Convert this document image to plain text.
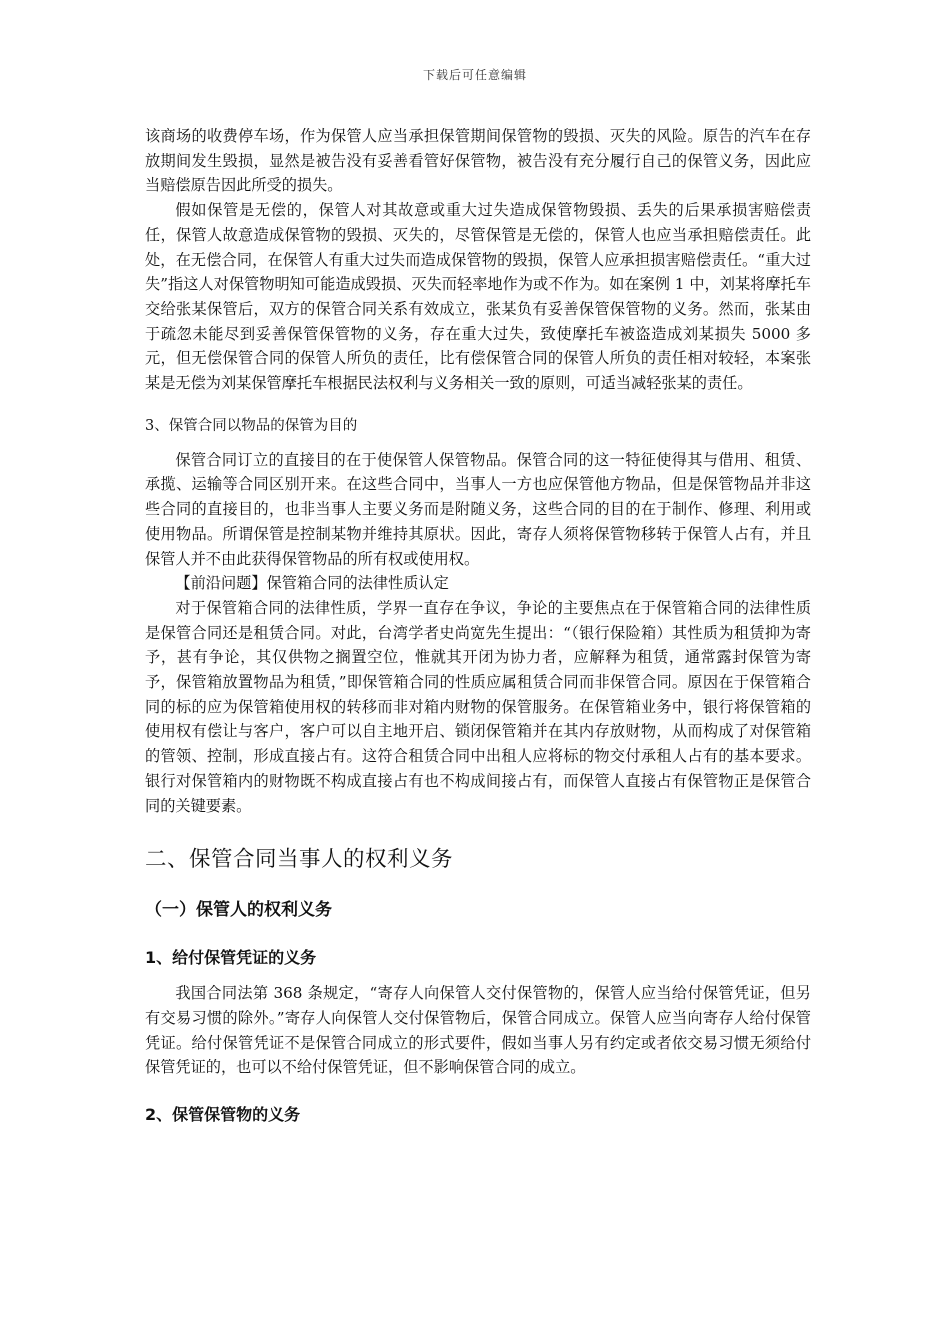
下载后可任意编辑

该商场的收费停车场，作为保管人应当承担保管期间保管物的毁损、灭失的风险。原告的汽车在存放期间发生毁损，显然是被告没有妥善看管好保管物，被告没有充分履行自己的保管义务，因此应当赔偿原告因此所受的损失。

假如保管是无偿的，保管人对其故意或重大过失造成保管物毁损、丢失的后果承损害赔偿责任，保管人故意造成保管物的毁损、灭失的，尽管保管是无偿的，保管人也应当承担赔偿责任。此处，在无偿合同，在保管人有重大过失而造成保管物的毁损，保管人应承担损害赔偿责任。“重大过失”指这人对保管物明知可能造成毁损、灭失而轻率地作为或不作为。如在案例 1 中，刘某将摩托车交给张某保管后，双方的保管合同关系有效成立，张某负有妥善保管保管物的义务。然而，张某由于疏忽未能尽到妥善保管保管物的义务，存在重大过失，致使摩托车被盗造成刘某损失 5000 多元，但无偿保管合同的保管人所负的责任，比有偿保管合同的保管人所负的责任相对较轻，本案张某是无偿为刘某保管摩托车根据民法权利与义务相关一致的原则，可适当减轻张某的责任。

3、保管合同以物品的保管为目的

保管合同订立的直接目的在于使保管人保管物品。保管合同的这一特征使得其与借用、租赁、承揽、运输等合同区别开来。在这些合同中，当事人一方也应保管他方物品，但是保管物品并非这些合同的直接目的，也非当事人主要义务而是附随义务，这些合同的目的在于制作、修理、利用或使用物品。所谓保管是控制某物并维持其原状。因此，寄存人须将保管物移转于保管人占有，并且保管人并不由此获得保管物品的所有权或使用权。

【前沿问题】保管箱合同的法律性质认定

对于保管箱合同的法律性质，学界一直存在争议，争论的主要焦点在于保管箱合同的法律性质是保管合同还是租赁合同。对此，台湾学者史尚宽先生提出：“（银行保险箱）其性质为租赁抑为寄予，甚有争论，其仅供物之搁置空位，惟就其开闭为协力者，应解释为租赁，通常露封保管为寄予，保管箱放置物品为租赁，”即保管箱合同的性质应属租赁合同而非保管合同。原因在于保管箱合同的标的应为保管箱使用权的转移而非对箱内财物的保管服务。在保管箱业务中，银行将保管箱的使用权有偿让与客户，客户可以自主地开启、锁闭保管箱并在其内存放财物，从而构成了对保管箱的管领、控制，形成直接占有。这符合租赁合同中出租人应将标的物交付承租人占有的基本要求。银行对保管箱内的财物既不构成直接占有也不构成间接占有，而保管人直接占有保管物正是保管合同的关键要素。

二、保管合同当事人的权利义务
（一）保管人的权利义务
1、给付保管凭证的义务

我国合同法第 368 条规定，“寄存人向保管人交付保管物的，保管人应当给付保管凭证，但另有交易习惯的除外。”寄存人向保管人交付保管物后，保管合同成立。保管人应当向寄存人给付保管凭证。给付保管凭证不是保管合同成立的形式要件，假如当事人另有约定或者依交易习惯无须给付保管凭证的，也可以不给付保管凭证，但不影响保管合同的成立。

2、保管保管物的义务
